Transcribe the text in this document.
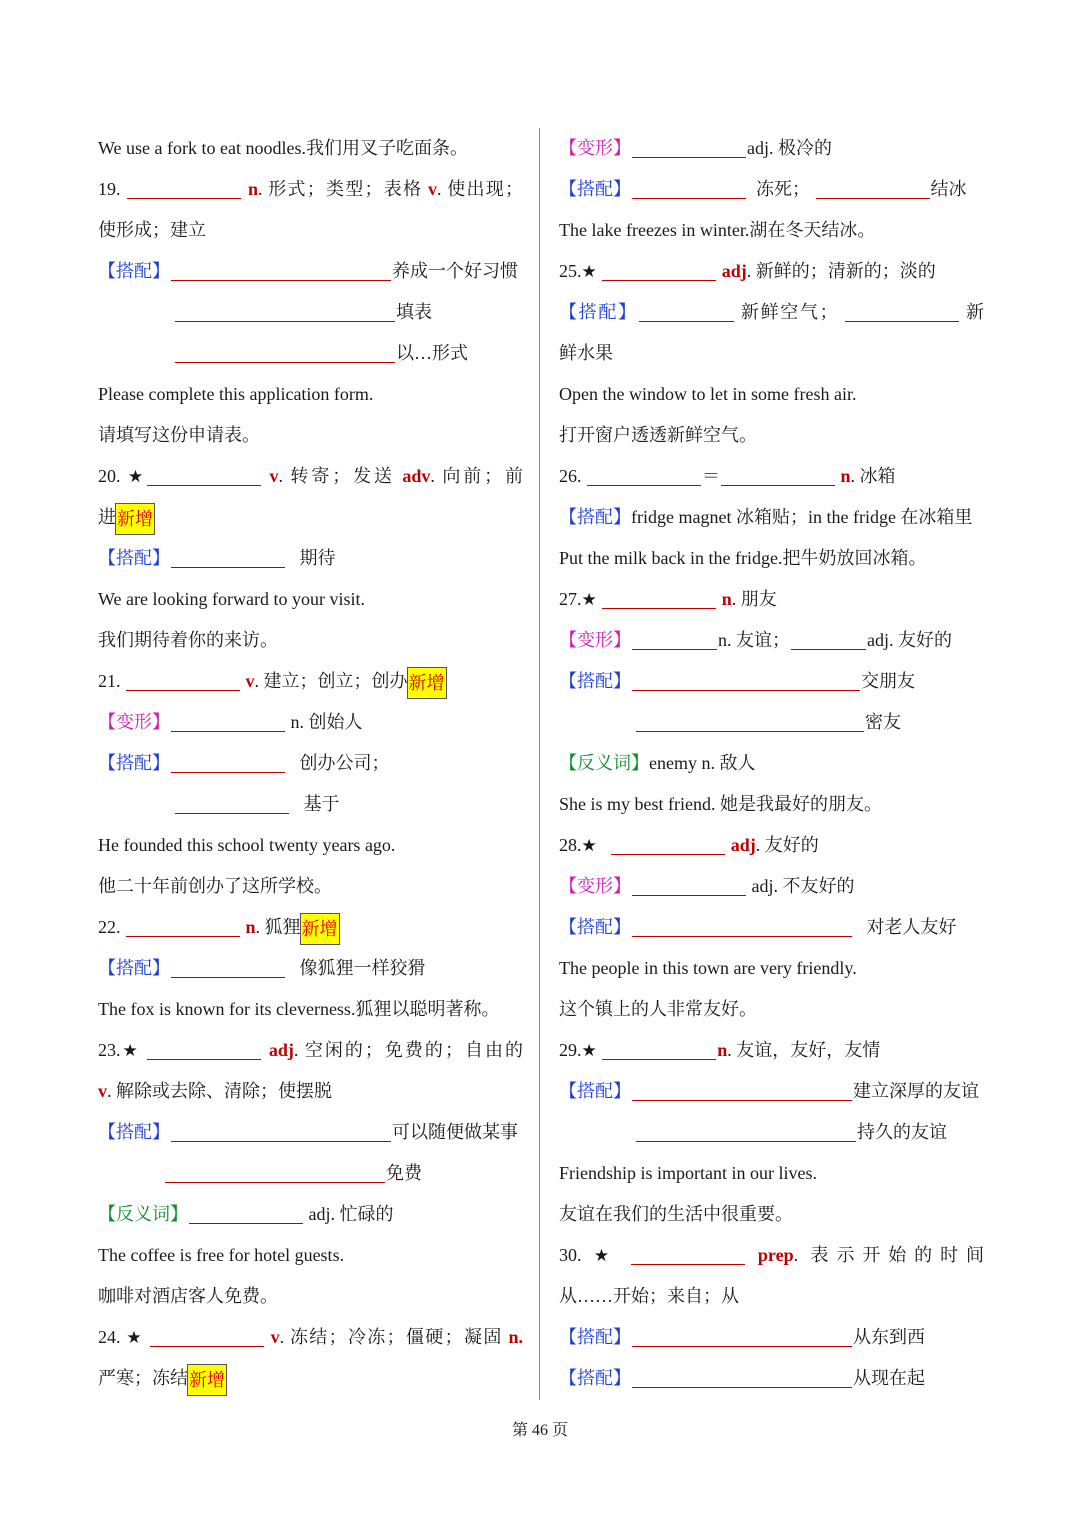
We use a fork to eat noodles.我们用叉子吃面条。
19.	n. 形式；类型；表格 v. 使出现；
使形成；建立
【搭配】	养成一个好习惯
填表
以…形式
Please complete this application form.
请填写这份申请表。
20. ★	v. 转寄；发送 adv. 向前；前
进新增
【搭配】	期待
We are looking forward to your visit.
我们期待着你的来访。
21.	v. 建立；创立；创办新增
【变形】	n. 创始人
【搭配】	创办公司；
基于
He founded this school twenty years ago.
他二十年前创办了这所学校。
22.	n. 狐狸新增
【搭配】	像狐狸一样狡猾
The fox is known for its cleverness.狐狸以聪明著称。
23.★	adj. 空闲的；免费的；自由的
v. 解除或去除、清除；使摆脱
【搭配】	可以随便做某事
免费
【反义词】	adj. 忙碌的
The coffee is free for hotel guests.
咖啡对酒店客人免费。
24. ★	v. 冻结；冷冻；僵硬；凝固 n.
严寒；冻结新增
【变形】	adj. 极冷的
【搭配】	冻死；	结冰
The lake freezes in winter.湖在冬天结冰。
25.★	adj. 新鲜的；清新的；淡的
【搭配】	新鲜空气；	新
鲜水果
Open the window to let in some fresh air.
打开窗户透透新鲜空气。
26.	＝	n. 冰箱
【搭配】fridge magnet 冰箱贴；in the fridge 在冰箱里
Put the milk back in the fridge.把牛奶放回冰箱。
27.★	n. 朋友
【变形】	n. 友谊；	adj. 友好的
【搭配】	交朋友
密友
【反义词】enemy n. 敌人
She is my best friend. 她是我最好的朋友。
28.★	adj. 友好的
【变形】	adj. 不友好的
【搭配】	对老人友好
The people in this town are very friendly.
这个镇上的人非常友好。
29.★	n. 友谊，友好，友情
【搭配】	建立深厚的友谊
持久的友谊
Friendship is important in our lives.
友谊在我们的生活中很重要。
30. ★	prep. 表示开始的时间
从……开始；来自；从
【搭配】	从东到西
【搭配】	从现在起
第 46 页
